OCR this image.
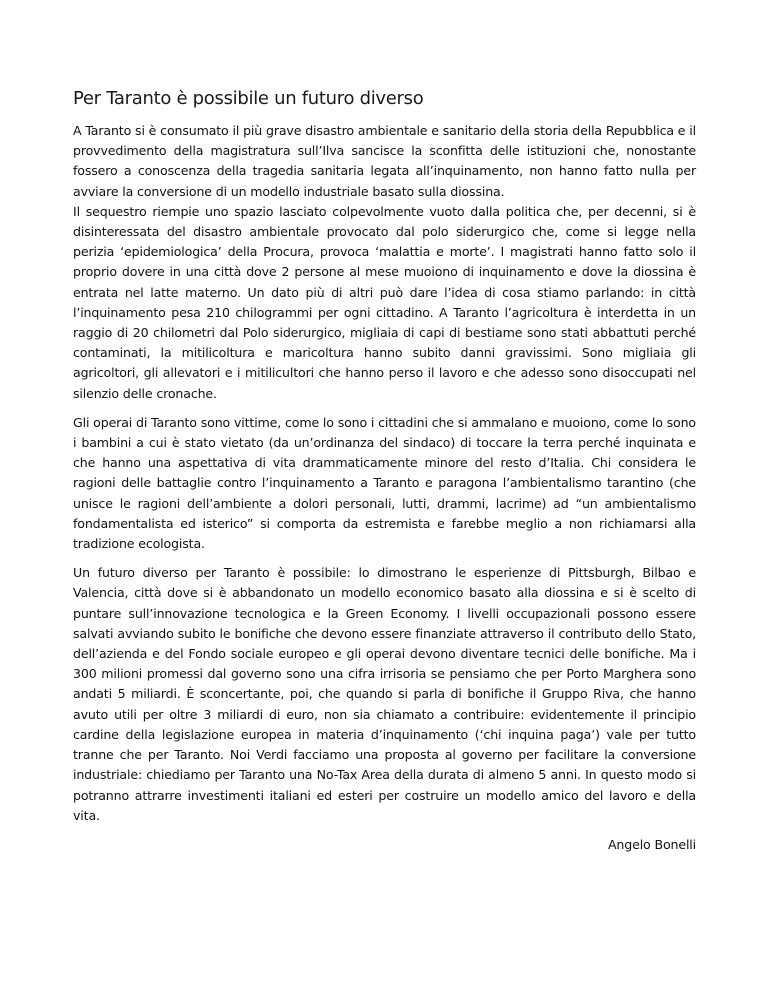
Per Taranto è possibile un futuro diverso

A Taranto si è consumato il più grave disastro ambientale e sanitario della storia della Repubblica e il provvedimento della magistratura sull’Ilva sancisce la sconfitta delle istituzioni che, nonostante fossero a conoscenza della tragedia sanitaria legata all’inquinamento, non hanno fatto nulla per avviare la conversione di un modello industriale basato sulla diossina.

Il sequestro riempie uno spazio lasciato colpevolmente vuoto dalla politica che, per decenni, si è disinteressata del disastro ambientale provocato dal polo siderurgico che, come si legge nella perizia ‘epidemiologica’ della Procura, provoca ‘malattia e morte’. I magistrati hanno fatto solo il proprio dovere in una città dove 2 persone al mese muoiono di inquinamento e dove la diossina è entrata nel latte materno. Un dato più di altri può dare l’idea di cosa stiamo parlando: in città l’inquinamento pesa 210 chilogrammi per ogni cittadino. A Taranto l’agricoltura è interdetta in un raggio di 20 chilometri dal Polo siderurgico, migliaia di capi di bestiame sono stati abbattuti perché contaminati, la mitilicoltura e maricoltura hanno subito danni gravissimi. Sono migliaia gli agricoltori, gli allevatori e i mitilicultori che hanno perso il lavoro e che adesso sono disoccupati nel silenzio delle cronache.

Gli operai di Taranto sono vittime, come lo sono i cittadini che si ammalano e muoiono, come lo sono i bambini a cui è stato vietato (da un’ordinanza del sindaco) di toccare la terra perché inquinata e che hanno una aspettativa di vita drammaticamente minore del resto d’Italia. Chi considera le ragioni delle battaglie contro l’inquinamento a Taranto e paragona l’ambientalismo tarantino (che unisce le ragioni dell’ambiente a dolori personali, lutti, drammi, lacrime) ad “un ambientalismo fondamentalista ed isterico” si comporta da estremista e farebbe meglio a non richiamarsi alla tradizione ecologista.

Un futuro diverso per Taranto è possibile: lo dimostrano le esperienze di Pittsburgh, Bilbao e Valencia, città dove si è abbandonato un modello economico basato alla diossina e si è scelto di puntare sull’innovazione tecnologica e la Green Economy. I livelli occupazionali possono essere salvati avviando subito le bonifiche che devono essere finanziate attraverso il contributo dello Stato, dell’azienda e del Fondo sociale europeo e gli operai devono diventare tecnici delle bonifiche. Ma i 300 milioni promessi dal governo sono una cifra irrisoria se pensiamo che per Porto Marghera sono andati 5 miliardi. È sconcertante, poi, che quando si parla di bonifiche il Gruppo Riva, che hanno avuto utili per oltre 3 miliardi di euro, non sia chiamato a contribuire: evidentemente il principio cardine della legislazione europea in materia d’inquinamento (‘chi inquina paga’) vale per tutto tranne che per Taranto. Noi Verdi facciamo una proposta al governo per facilitare la conversione industriale: chiediamo per Taranto una No-Tax Area della durata di almeno 5 anni. In questo modo si potranno attrarre investimenti italiani ed esteri per costruire un modello amico del lavoro e della vita.

Angelo Bonelli
